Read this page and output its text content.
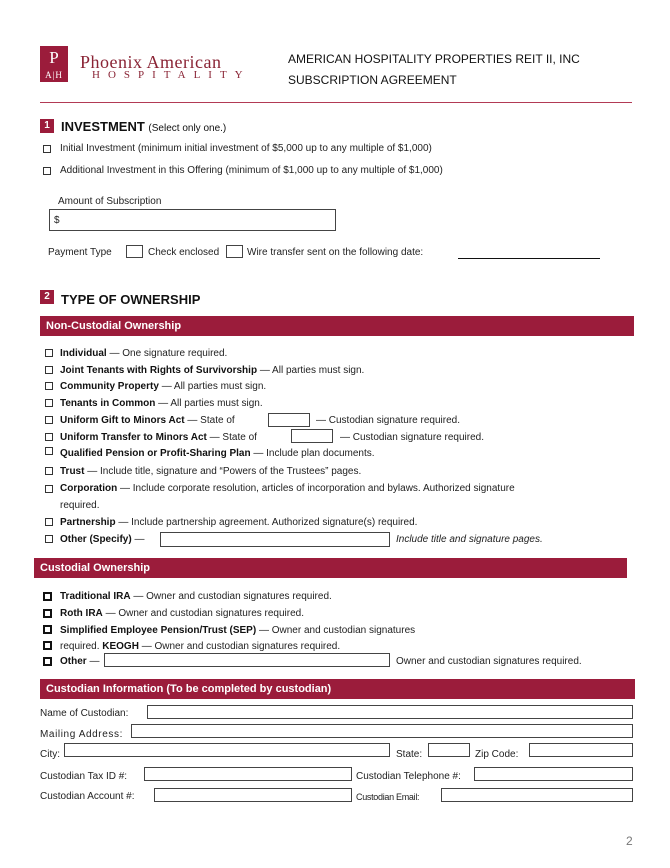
P
A|H
Phoenix American
HOSPITALITY
AMERICAN HOSPITALITY PROPERTIES REIT II, INC
SUBSCRIPTION AGREEMENT
1 INVESTMENT (Select only one.)
Initial Investment (minimum initial investment of $5,000 up to any multiple of $1,000)
Additional Investment in this Offering (minimum of $1,000 up to any multiple of $1,000)
Amount of Subscription
$
Payment Type	Check enclosed	Wire transfer sent on the following date:
2 TYPE OF OWNERSHIP
Non-Custodial Ownership
Individual — One signature required.
Joint Tenants with Rights of Survivorship — All parties must sign.
Community Property — All parties must sign.
Tenants in Common — All parties must sign.
Uniform Gift to Minors Act — State of	— Custodian signature required.
Uniform Transfer to Minors Act — State of	— Custodian signature required.
Qualified Pension or Profit-Sharing Plan — Include plan documents.
Trust — Include title, signature and “Powers of the Trustees” pages.
Corporation — Include corporate resolution, articles of incorporation and bylaws. Authorized signature
required.
Partnership — Include partnership agreement. Authorized signature(s) required.
Other (Specify) —	Include title and signature pages.
Custodial Ownership
Traditional IRA — Owner and custodian signatures required.
Roth IRA — Owner and custodian signatures required.
Simplified Employee Pension/Trust (SEP) — Owner and custodian signatures
required. KEOGH — Owner and custodian signatures required.
Other —	Owner and custodian signatures required.
Custodian Information (To be completed by custodian)
Name of Custodian:
Mailing Address:
City:	State:	Zip Code:
Custodian Tax ID #:	Custodian Telephone #:
Custodian Account #:	Custodian Email:
2
